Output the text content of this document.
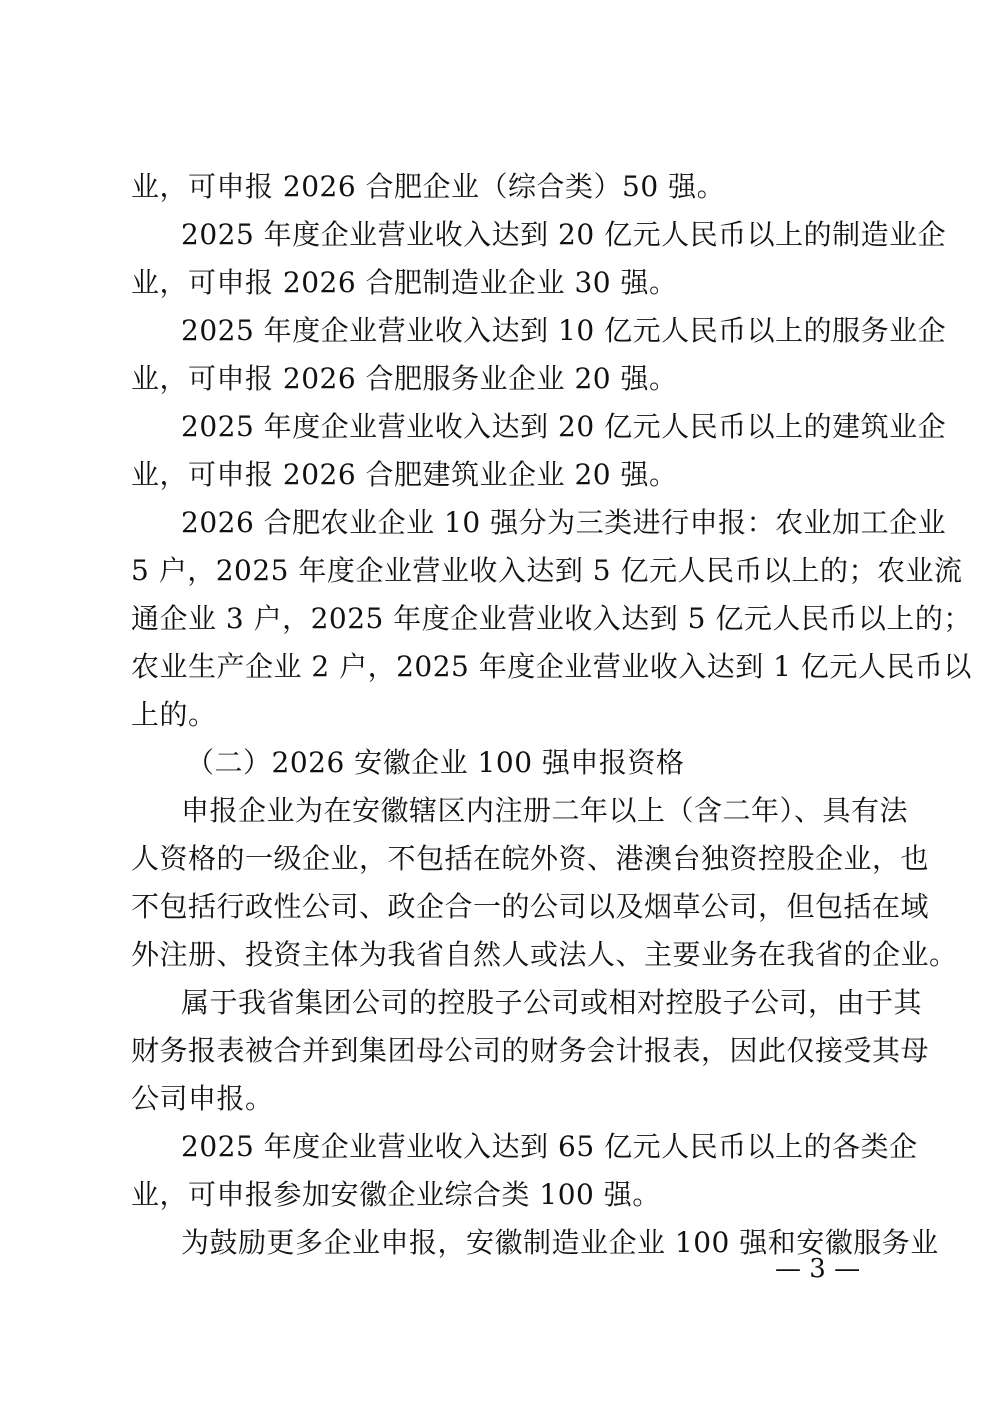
业，可申报 2026 合肥企业（综合类）50 强。
2025 年度企业营业收入达到 20 亿元人民币以上的制造业企
业，可申报 2026 合肥制造业企业 30 强。
2025 年度企业营业收入达到 10 亿元人民币以上的服务业企
业，可申报 2026 合肥服务业企业 20 强。
2025 年度企业营业收入达到 20 亿元人民币以上的建筑业企
业，可申报 2026 合肥建筑业企业 20 强。
2026 合肥农业企业 10 强分为三类进行申报：农业加工企业
5 户，2025 年度企业营业收入达到 5 亿元人民币以上的；农业流
通企业 3 户，2025 年度企业营业收入达到 5 亿元人民币以上的；
农业生产企业 2 户，2025 年度企业营业收入达到 1 亿元人民币以
上的。
（二）2026 安徽企业 100 强申报资格
申报企业为在安徽辖区内注册二年以上（含二年）、具有法
人资格的一级企业，不包括在皖外资、港澳台独资控股企业，也
不包括行政性公司、政企合一的公司以及烟草公司，但包括在域
外注册、投资主体为我省自然人或法人、主要业务在我省的企业。
属于我省集团公司的控股子公司或相对控股子公司，由于其
财务报表被合并到集团母公司的财务会计报表，因此仅接受其母
公司申报。
2025 年度企业营业收入达到 65 亿元人民币以上的各类企
业，可申报参加安徽企业综合类 100 强。
为鼓励更多企业申报，安徽制造业企业 100 强和安徽服务业
— 3 —
